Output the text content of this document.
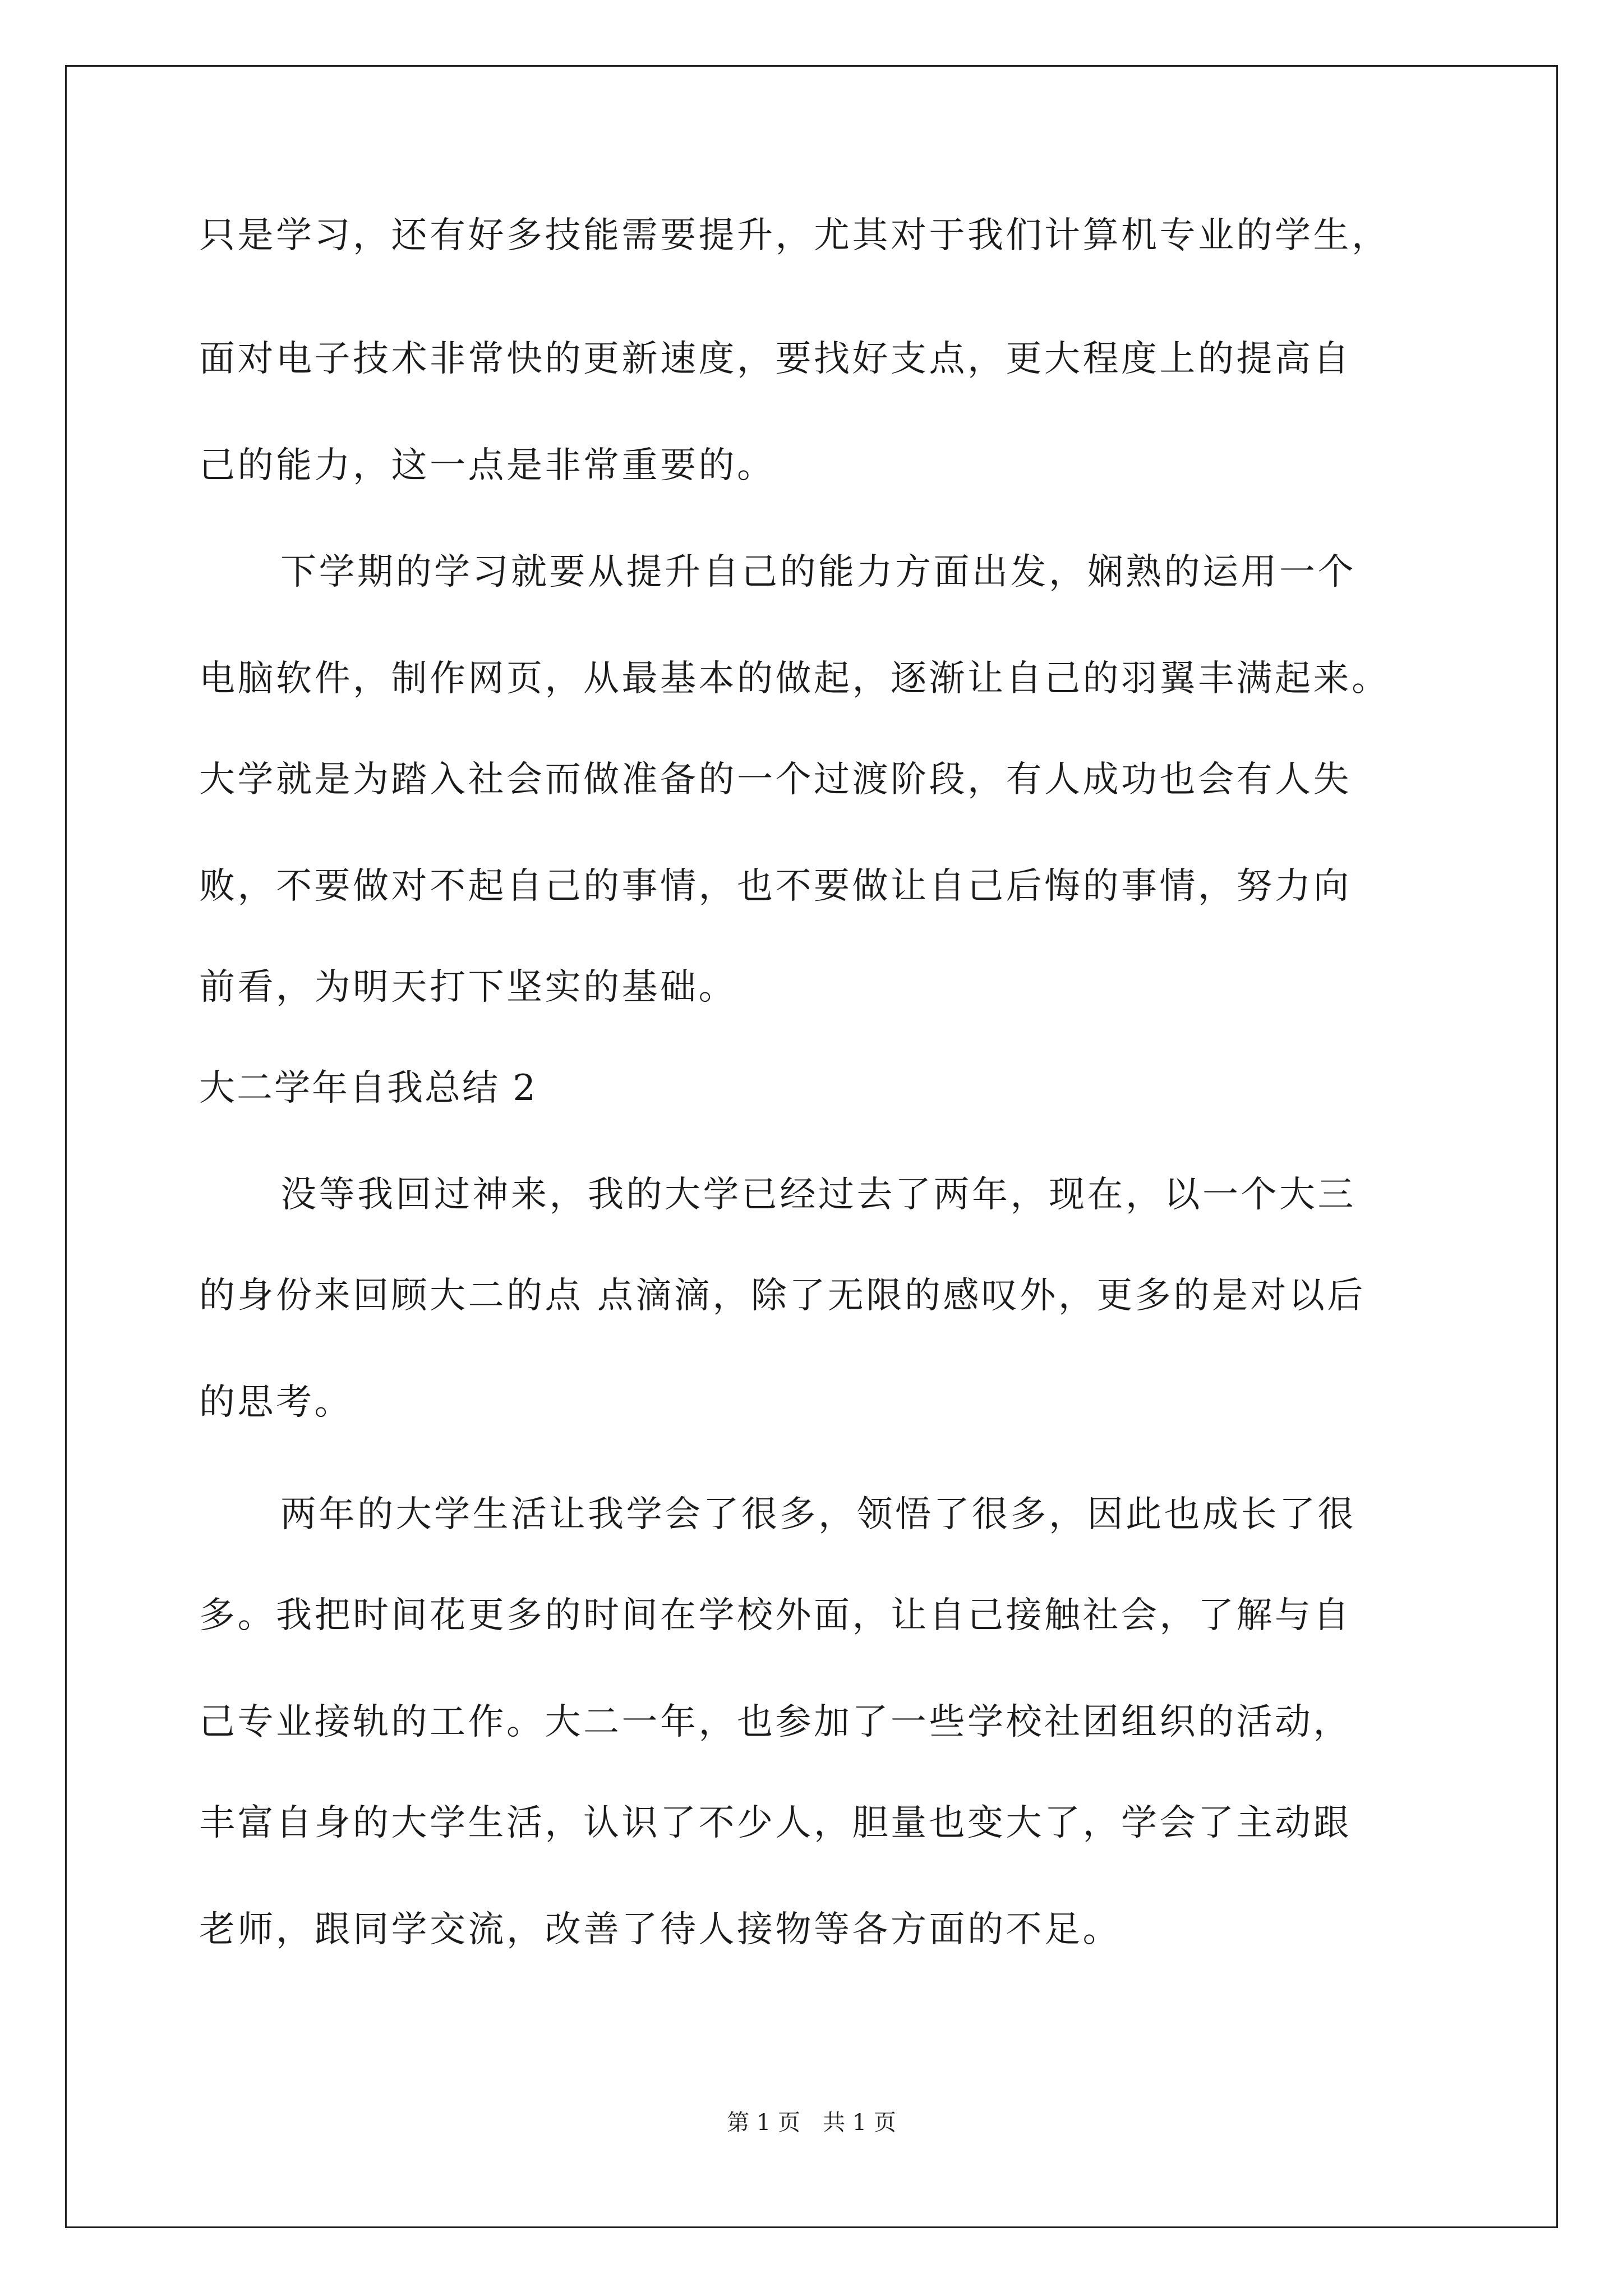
只是学习，还有好多技能需要提升，尤其对于我们计算机专业的学生，
面对电子技术非常快的更新速度，要找好支点，更大程度上的提高自
己的能力，这一点是非常重要的。
下学期的学习就要从提升自己的能力方面出发，娴熟的运用一个
电脑软件，制作网页，从最基本的做起，逐渐让自己的羽翼丰满起来。
大学就是为踏入社会而做准备的一个过渡阶段，有人成功也会有人失
败，不要做对不起自己的事情，也不要做让自己后悔的事情，努力向
前看，为明天打下坚实的基础。
大二学年自我总结 2
没等我回过神来，我的大学已经过去了两年，现在，以一个大三
的身份来回顾大二的点 点滴滴，除了无限的感叹外，更多的是对以后
的思考。
两年的大学生活让我学会了很多，领悟了很多，因此也成长了很
多。我把时间花更多的时间在学校外面，让自己接触社会，了解与自
己专业接轨的工作。大二一年，也参加了一些学校社团组织的活动，
丰富自身的大学生活，认识了不少人，胆量也变大了，学会了主动跟
老师，跟同学交流，改善了待人接物等各方面的不足。
第 1 页　共 1 页
